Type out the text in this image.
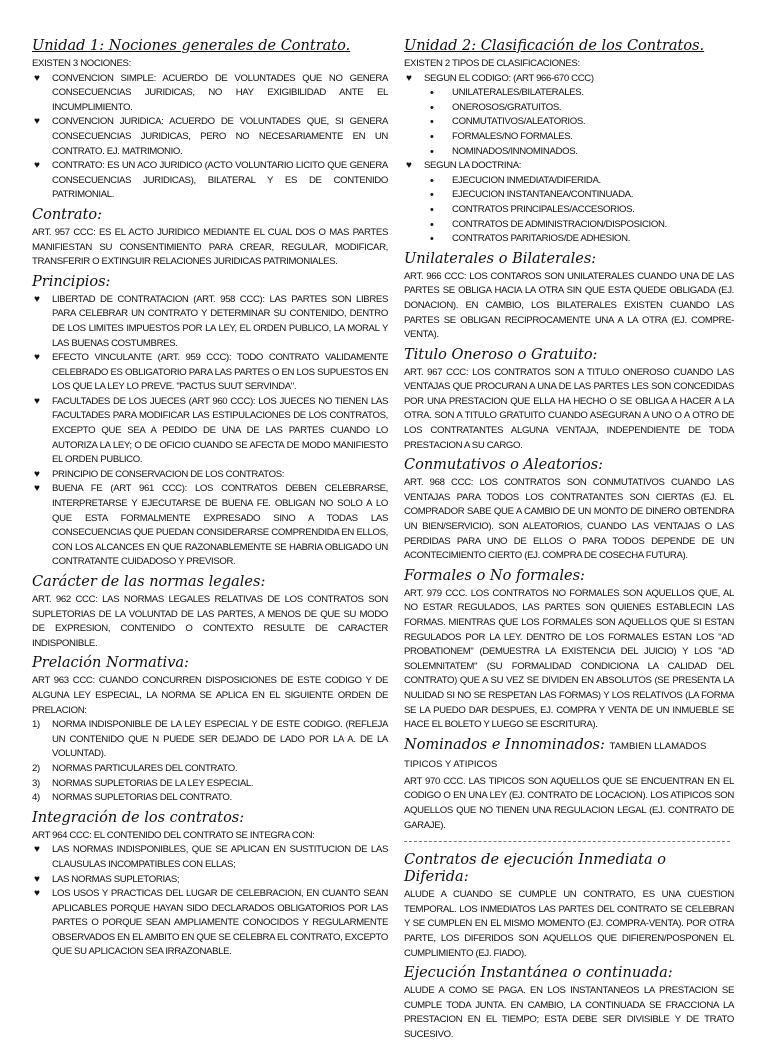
Unidad 1: Nociones generales de Contrato.

EXISTEN 3 NOCIONES:

♥ CONVENCION SIMPLE: ACUERDO DE VOLUNTADES QUE NO GENERA CONSECUENCIAS JURIDICAS, NO HAY EXIGIBILIDAD ANTE EL INCUMPLIMIENTO.
♥ CONVENCION JURIDICA: ACUERDO DE VOLUNTADES QUE, SI GENERA CONSECUENCIAS JURIDICAS, PERO NO NECESARIAMENTE EN UN CONTRATO. EJ. MATRIMONIO.
♥ CONTRATO: ES UN ACO JURIDICO (ACTO VOLUNTARIO LICITO QUE GENERA CONSECUENCIAS JURIDICAS), BILATERAL Y ES DE CONTENIDO PATRIMONIAL.
Contrato:

ART. 957 CCC: ES EL ACTO JURIDICO MEDIANTE EL CUAL DOS O MAS PARTES MANIFIESTAN SU CONSENTIMIENTO PARA CREAR, REGULAR, MODIFICAR, TRANSFERIR O EXTINGUIR RELACIONES JURIDICAS PATRIMONIALES.

Principios:
♥ LIBERTAD DE CONTRATACION (ART. 958 CCC): LAS PARTES SON LIBRES PARA CELEBRAR UN CONTRATO Y DETERMINAR SU CONTENIDO, DENTRO DE LOS LIMITES IMPUESTOS POR LA LEY, EL ORDEN PUBLICO, LA MORAL Y LAS BUENAS COSTUMBRES.
♥ EFECTO VINCULANTE (ART. 959 CCC): TODO CONTRATO VALIDAMENTE CELEBRADO ES OBLIGATORIO PARA LAS PARTES O EN LOS SUPUESTOS EN LOS QUE LA LEY LO PREVE. "PACTUS SUUT SERVINDA".
♥ FACULTADES DE LOS JUECES (ART 960 CCC): LOS JUECES NO TIENEN LAS FACULTADES PARA MODIFICAR LAS ESTIPULACIONES DE LOS CONTRATOS, EXCEPTO QUE SEA A PEDIDO DE UNA DE LAS PARTES CUANDO LO AUTORIZA LA LEY; O DE OFICIO CUANDO SE AFECTA DE MODO MANIFIESTO EL ORDEN PUBLICO.
♥ PRINCIPIO DE CONSERVACION DE LOS CONTRATOS:
♥ BUENA FE (ART 961 CCC): LOS CONTRATOS DEBEN CELEBRARSE, INTERPRETARSE Y EJECUTARSE DE BUENA FE. OBLIGAN NO SOLO A LO QUE ESTA FORMALMENTE EXPRESADO SINO A TODAS LAS CONSECUENCIAS QUE PUEDAN CONSIDERARSE COMPRENDIDA EN ELLOS, CON LOS ALCANCES EN QUE RAZONABLEMENTE SE HABRIA OBLIGADO UN CONTRATANTE CUIDADOSO Y PREVISOR.
Carácter de las normas legales:

ART. 962 CCC: LAS NORMAS LEGALES RELATIVAS DE LOS CONTRATOS SON SUPLETORIAS DE LA VOLUNTAD DE LAS PARTES, A MENOS DE QUE SU MODO DE EXPRESION, CONTENIDO O CONTEXTO RESULTE DE CARACTER INDISPONIBLE.

Prelación Normativa:

ART 963 CCC: CUANDO CONCURREN DISPOSICIONES DE ESTE CODIGO Y DE ALGUNA LEY ESPECIAL, LA NORMA SE APLICA EN EL SIGUIENTE ORDEN DE PRELACION:

1) NORMA INDISPONIBLE DE LA LEY ESPECIAL Y DE ESTE CODIGO. (REFLEJA UN CONTENIDO QUE N PUEDE SER DEJADO DE LADO POR LA A. DE LA VOLUNTAD).
2) NORMAS PARTICULARES DEL CONTRATO.
3) NORMAS SUPLETORIAS DE LA LEY ESPECIAL.
4) NORMAS SUPLETORIAS DEL CONTRATO.
Integración de los contratos:

ART 964 CCC: EL CONTENIDO DEL CONTRATO SE INTEGRA CON:

♥ LAS NORMAS INDISPONIBLES, QUE SE APLICAN EN SUSTITUCION DE LAS CLAUSULAS INCOMPATIBLES CON ELLAS;
♥ LAS NORMAS SUPLETORIAS;
♥ LOS USOS Y PRACTICAS DEL LUGAR DE CELEBRACION, EN CUANTO SEAN APLICABLES PORQUE HAYAN SIDO DECLARADOS OBLIGATORIOS POR LAS PARTES O PORQUE SEAN AMPLIAMENTE CONOCIDOS Y REGULARMENTE OBSERVADOS EN EL AMBITO EN QUE SE CELEBRA EL CONTRATO, EXCEPTO QUE SU APLICACION SEA IRRAZONABLE.
Unidad 2: Clasificación de los Contratos.

EXISTEN 2 TIPOS DE CLASIFICACIONES:

♥ SEGUN EL CODIGO: (ART 966-670 CCC)
• UNILATERALES/BILATERALES.
• ONEROSOS/GRATUITOS.
• CONMUTATIVOS/ALEATORIOS.
• FORMALES/NO FORMALES.
• NOMINADOS/INNOMINADOS.
♥ SEGUN LA DOCTRINA:
• EJECUCION INMEDIATA/DIFERIDA.
• EJECUCION INSTANTANEA/CONTINUADA.
• CONTRATOS PRINCIPALES/ACCESORIOS.
• CONTRATOS DE ADMINISTRACION/DISPOSICION.
• CONTRATOS PARITARIOS/DE ADHESION.
Unilaterales o Bilaterales:

ART. 966 CCC: LOS CONTAROS SON UNILATERALES CUANDO UNA DE LAS PARTES SE OBLIGA HACIA LA OTRA SIN QUE ESTA QUEDE OBLIGADA (EJ. DONACION). EN CAMBIO, LOS BILATERALES EXISTEN CUANDO LAS PARTES SE OBLIGAN RECIPROCAMENTE UNA A LA OTRA (EJ. COMPRE-VENTA).

Titulo Oneroso o Gratuito:

ART. 967 CCC: LOS CONTRATOS SON A TITULO ONEROSO CUANDO LAS VENTAJAS QUE PROCURAN A UNA DE LAS PARTES LES SON CONCEDIDAS POR UNA PRESTACION QUE ELLA HA HECHO O SE OBLIGA A HACER A LA OTRA. SON A TITULO GRATUITO CUANDO ASEGURAN A UNO O A OTRO DE LOS CONTRATANTES ALGUNA VENTAJA, INDEPENDIENTE DE TODA PRESTACION A SU CARGO.

Conmutativos o Aleatorios:

ART. 968 CCC: LOS CONTRATOS SON CONMUTATIVOS CUANDO LAS VENTAJAS PARA TODOS LOS CONTRATANTES SON CIERTAS (EJ. EL COMPRADOR SABE QUE A CAMBIO DE UN MONTO DE DINERO OBTENDRA UN BIEN/SERVICIO). SON ALEATORIOS, CUANDO LAS VENTAJAS O LAS PERDIDAS PARA UNO DE ELLOS O PARA TODOS DEPENDE DE UN ACONTECIMIENTO CIERTO (EJ. COMPRA DE COSECHA FUTURA).

Formales o No formales:

ART. 979 CCC. LOS CONTRATOS NO FORMALES SON AQUELLOS QUE, AL NO ESTAR REGULADOS, LAS PARTES SON QUIENES ESTABLECIN LAS FORMAS. MIENTRAS QUE LOS FORMALES SON AQUELLOS QUE SI ESTAN REGULADOS POR LA LEY. DENTRO DE LOS FORMALES ESTAN LOS "AD PROBATIONEM" (DEMUESTRA LA EXISTENCIA DEL JUICIO) Y LOS "AD SOLEMNITATEM" (SU FORMALIDAD CONDICIONA LA CALIDAD DEL CONTRATO) QUE A SU VEZ SE DIVIDEN EN ABSOLUTOS (SE PRESENTA LA NULIDAD SI NO SE RESPETAN LAS FORMAS) Y LOS RELATIVOS (LA FORMA SE LA PUEDO DAR DESPUES, EJ. COMPRA Y VENTA DE UN INMUEBLE SE HACE EL BOLETO Y LUEGO SE ESCRITURA).

Nominados e Innominados: TAMBIEN LLAMADOS TIPICOS Y ATIPICOS

ART 970 CCC. LAS TIPICOS SON AQUELLOS QUE SE ENCUENTRAN EN EL CODIGO O EN UNA LEY (EJ. CONTRATO DE LOCACION). LOS ATIPICOS SON AQUELLOS QUE NO TIENEN UNA REGULACION LEGAL (EJ. CONTRATO DE GARAJE).

Contratos de ejecución Inmediata o Diferida:

ALUDE A CUANDO SE CUMPLE UN CONTRATO, ES UNA CUESTION TEMPORAL. LOS INMEDIATOS LAS PARTES DEL CONTRATO SE CELEBRAN Y SE CUMPLEN EN EL MISMO MOMENTO (EJ. COMPRA-VENTA). POR OTRA PARTE, LOS DIFERIDOS SON AQUELLOS QUE DIFIEREN/POSPONEN EL CUMPLIMIENTO (EJ. FIADO).

Ejecución Instantánea o continuada:

ALUDE A COMO SE PAGA. EN LOS INSTANTANEOS LA PRESTACION SE CUMPLE TODA JUNTA. EN CAMBIO, LA CONTINUADA SE FRACCIONA LA PRESTACION EN EL TIEMPO; ESTA DEBE SER DIVISIBLE Y DE TRATO SUCESIVO.
